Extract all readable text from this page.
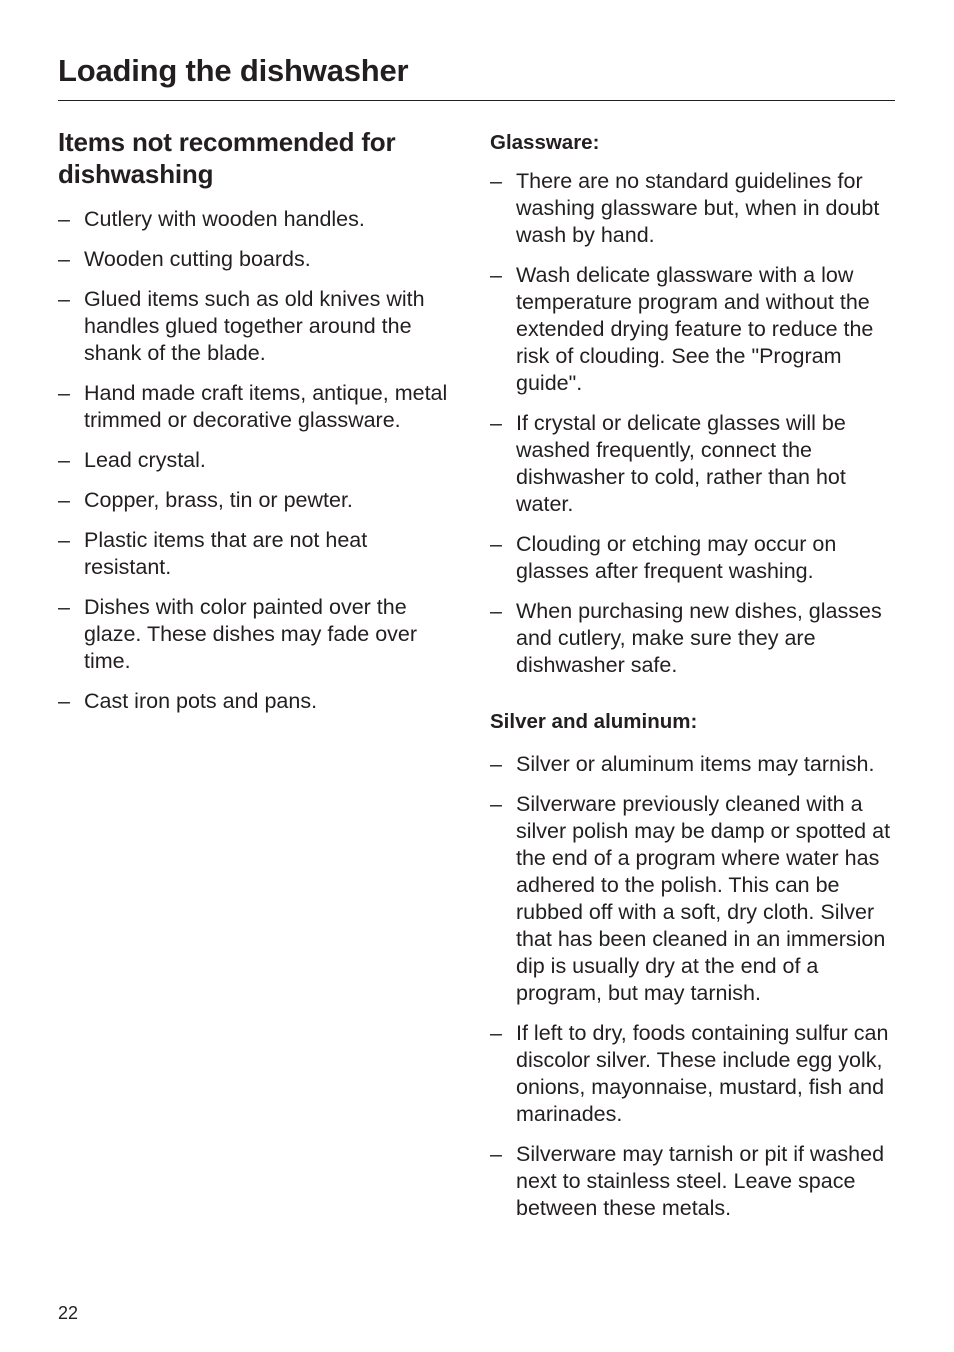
Loading the dishwasher
Items not recommended for dishwashing
– Cutlery with wooden handles.
– Wooden cutting boards.
– Glued items such as old knives with handles glued together around the shank of the blade.
– Hand made craft items, antique, metal trimmed or decorative glassware.
– Lead crystal.
– Copper, brass, tin or pewter.
– Plastic items that are not heat resistant.
– Dishes with color painted over the glaze. These dishes may fade over time.
– Cast iron pots and pans.
Glassware:
– There are no standard guidelines for washing glassware but, when in doubt wash by hand.
– Wash delicate glassware with a low temperature program and without the extended drying feature to reduce the risk of clouding. See the "Program guide".
– If crystal or delicate glasses will be washed frequently, connect the dishwasher to cold, rather than hot water.
– Clouding or etching may occur on glasses after frequent washing.
– When purchasing new dishes, glasses and cutlery, make sure they are dishwasher safe.
Silver and aluminum:
– Silver or aluminum items may tarnish.
– Silverware previously cleaned with a silver polish may be damp or spotted at the end of a program where water has adhered to the polish. This can be rubbed off with a soft, dry cloth. Silver that has been cleaned in an immersion dip is usually dry at the end of a program, but may tarnish.
– If left to dry, foods containing sulfur can discolor silver. These include egg yolk, onions, mayonnaise, mustard, fish and marinades.
– Silverware may tarnish or pit if washed next to stainless steel. Leave space between these metals.
22
